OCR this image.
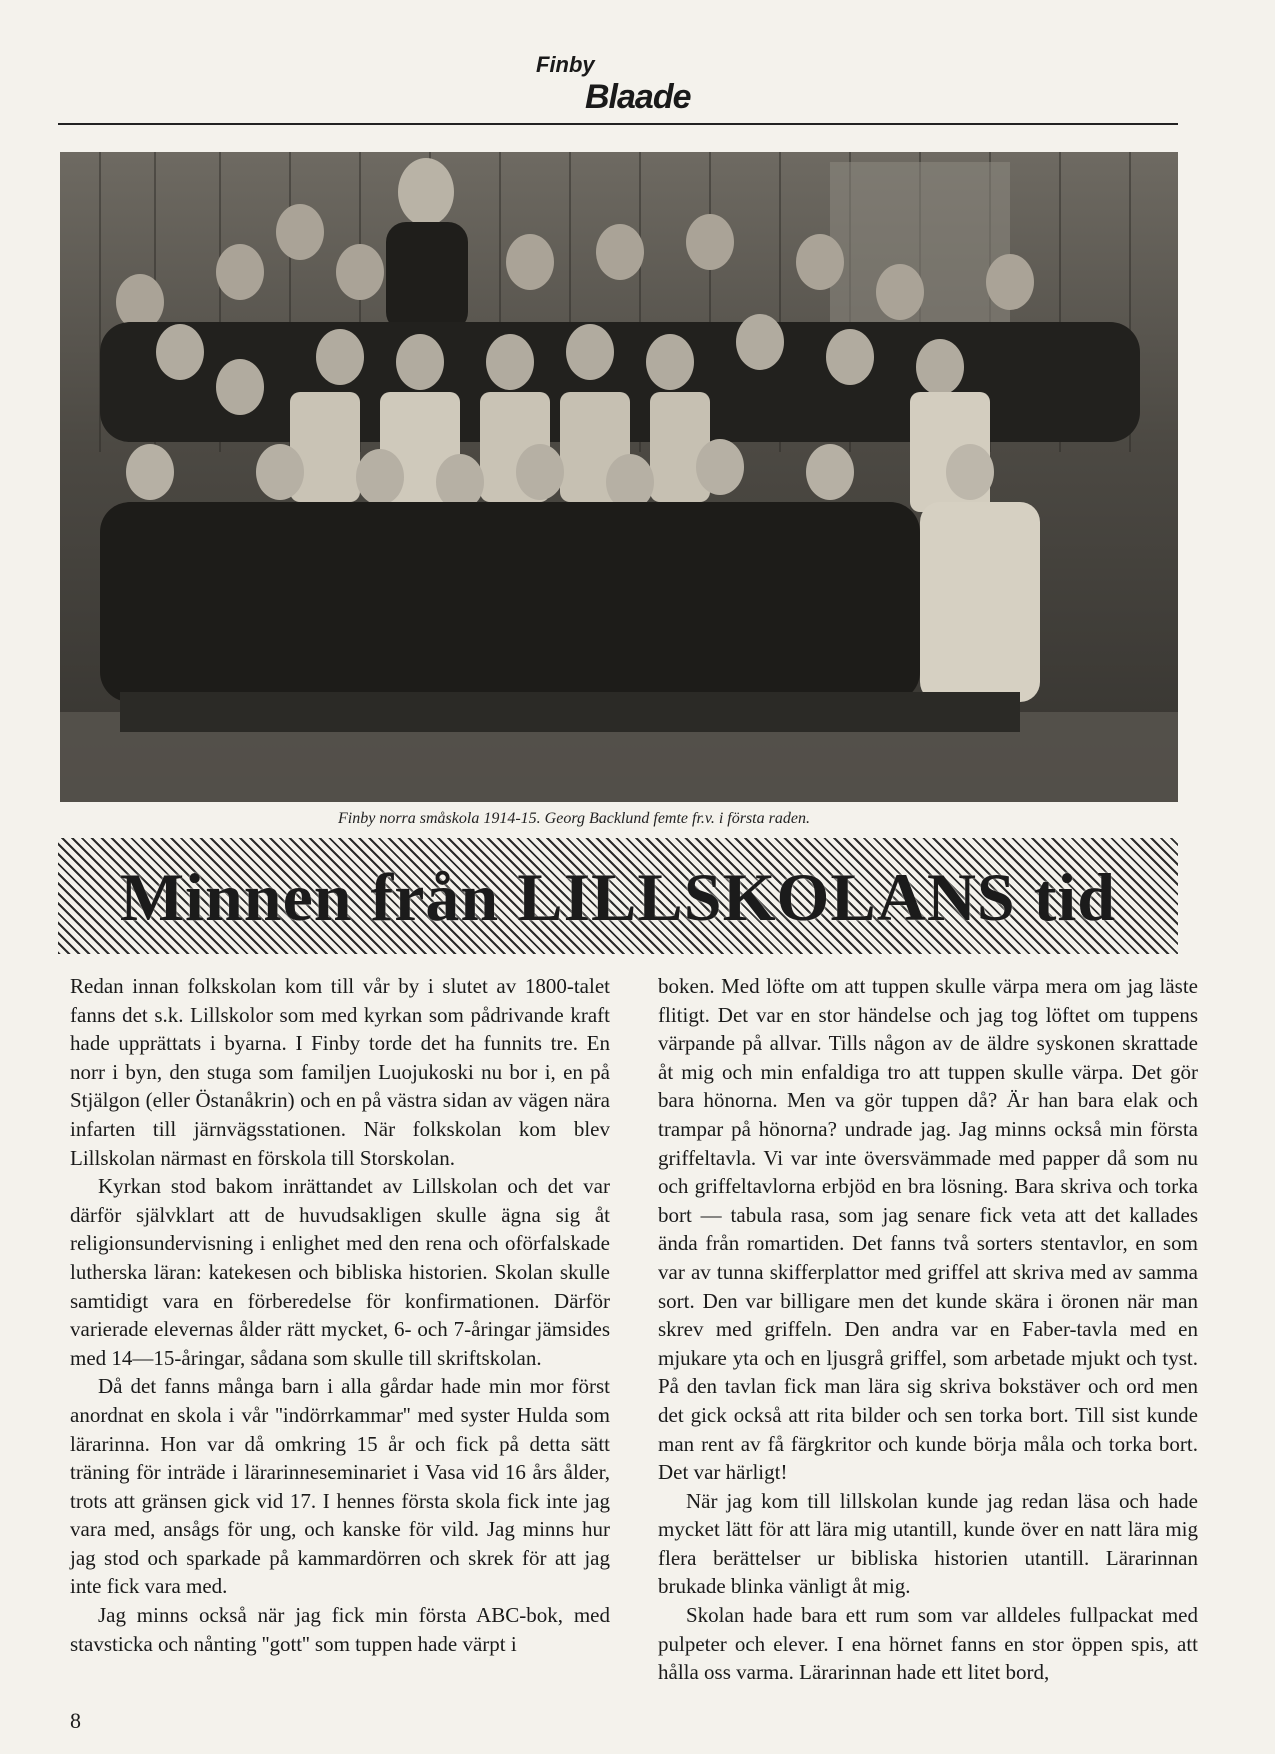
Finby
Blaade
Finby norra småskola 1914-15. Georg Backlund femte fr.v. i första raden.
Minnen från LILLSKOLANS tid

Redan innan folkskolan kom till vår by i slutet av 1800-talet fanns det s.k. Lillskolor som med kyrkan som pådrivande kraft hade upprättats i byarna. I Finby torde det ha funnits tre. En norr i byn, den stuga som familjen Luojukoski nu bor i, en på Stjälgon (eller Östanåkrin) och en på västra sidan av vägen nära infarten till järnvägsstationen. När folkskolan kom blev Lillskolan närmast en förskola till Storskolan.

Kyrkan stod bakom inrättandet av Lillskolan och det var därför självklart att de huvudsakligen skulle ägna sig åt religionsundervisning i enlighet med den rena och oförfalskade lutherska läran: katekesen och bibliska historien. Skolan skulle samtidigt vara en förberedelse för konfirmationen. Därför varierade elevernas ålder rätt mycket, 6- och 7-åringar jämsides med 14—15-åringar, sådana som skulle till skriftskolan.

Då det fanns många barn i alla gårdar hade min mor först anordnat en skola i vår ''indörrkammar'' med syster Hulda som lärarinna. Hon var då omkring 15 år och fick på detta sätt träning för inträde i lärarinneseminariet i Vasa vid 16 års ålder, trots att gränsen gick vid 17. I hennes första skola fick inte jag vara med, ansågs för ung, och kanske för vild. Jag minns hur jag stod och sparkade på kammardörren och skrek för att jag inte fick vara med.

Jag minns också när jag fick min första ABC-bok, med stavsticka och nånting ''gott'' som tuppen hade värpt i

boken. Med löfte om att tuppen skulle värpa mera om jag läste flitigt. Det var en stor händelse och jag tog löftet om tuppens värpande på allvar. Tills någon av de äldre syskonen skrattade åt mig och min enfaldiga tro att tuppen skulle värpa. Det gör bara hönorna. Men va gör tuppen då? Är han bara elak och trampar på hönorna? undrade jag. Jag minns också min första griffeltavla. Vi var inte översvämmade med papper då som nu och griffeltavlorna erbjöd en bra lösning. Bara skriva och torka bort — tabula rasa, som jag senare fick veta att det kallades ända från romartiden. Det fanns två sorters stentavlor, en som var av tunna skifferplattor med griffel att skriva med av samma sort. Den var billigare men det kunde skära i öronen när man skrev med griffeln. Den andra var en Faber-tavla med en mjukare yta och en ljusgrå griffel, som arbetade mjukt och tyst. På den tavlan fick man lära sig skriva bokstäver och ord men det gick också att rita bilder och sen torka bort. Till sist kunde man rent av få färgkritor och kunde börja måla och torka bort. Det var härligt!

När jag kom till lillskolan kunde jag redan läsa och hade mycket lätt för att lära mig utantill, kunde över en natt lära mig flera berättelser ur bibliska historien utantill. Lärarinnan brukade blinka vänligt åt mig.

Skolan hade bara ett rum som var alldeles fullpackat med pulpeter och elever. I ena hörnet fanns en stor öppen spis, att hålla oss varma. Lärarinnan hade ett litet bord,

8
